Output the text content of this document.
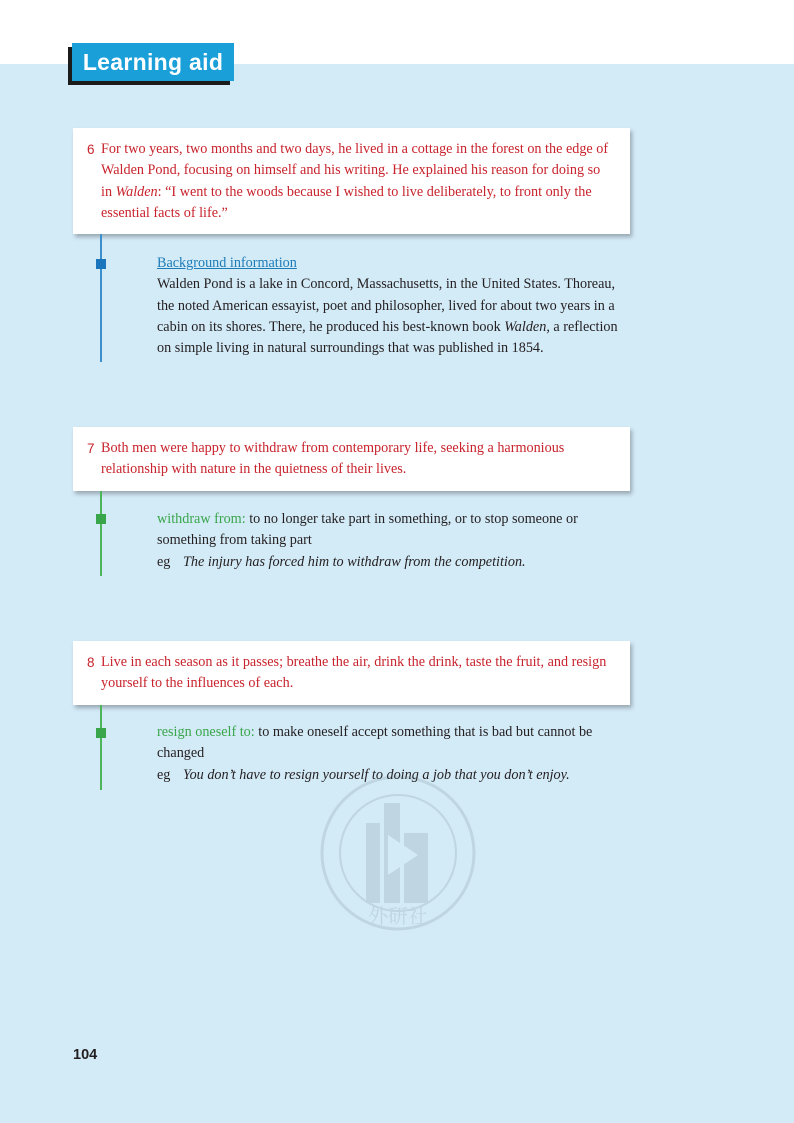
Learning aid
6 For two years, two months and two days, he lived in a cottage in the forest on the edge of Walden Pond, focusing on himself and his writing. He explained his reason for doing so in Walden: “I went to the woods because I wished to live deliberately, to front only the essential facts of life.”
Background information
Walden Pond is a lake in Concord, Massachusetts, in the United States. Thoreau, the noted American essayist, poet and philosopher, lived for about two years in a cabin on its shores. There, he produced his best-known book Walden, a reflection on simple living in natural surroundings that was published in 1854.
7 Both men were happy to withdraw from contemporary life, seeking a harmonious relationship with nature in the quietness of their lives.
withdraw from: to no longer take part in something, or to stop someone or something from taking part
eg The injury has forced him to withdraw from the competition.
8 Live in each season as it passes; breathe the air, drink the drink, taste the fruit, and resign yourself to the influences of each.
resign oneself to: to make oneself accept something that is bad but cannot be changed
eg You don’t have to resign yourself to doing a job that you don’t enjoy.
外研社
104
